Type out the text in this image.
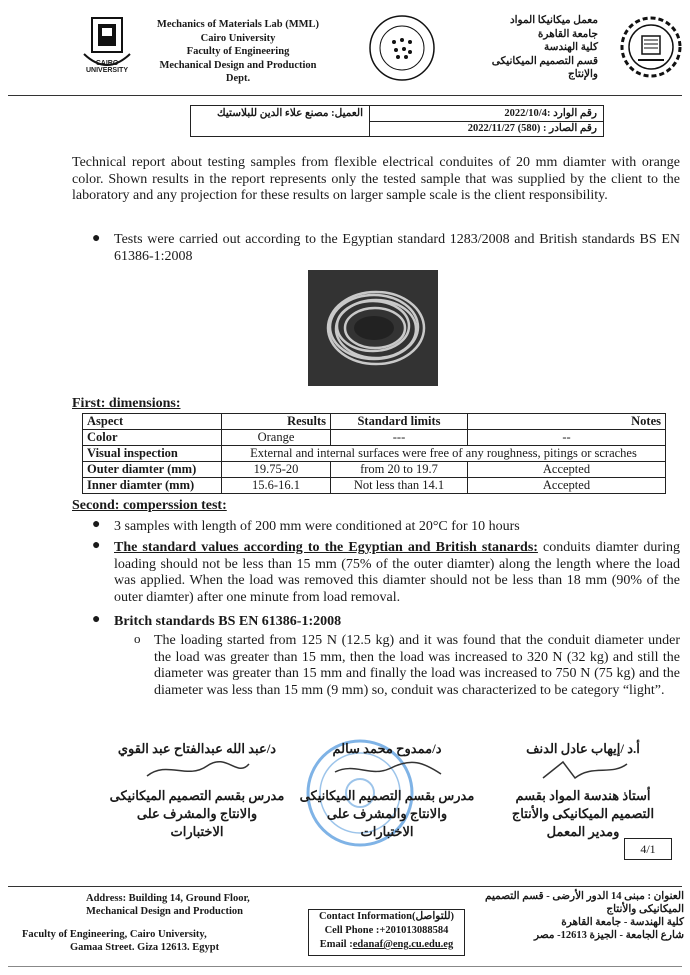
CAIRO UNIVERSITY
Mechanics of Materials Lab (MML)
Cairo University
Faculty of Engineering
Mechanical Design and Production
Dept.
معمل ميكانيكا المواد
جامعة القاهرة
كلية الهندسة
قسم التصميم الميكانيكى
والإنتاج
العميل: مصنع علاء الدين للبلاستيك	رقم الوارد :2022/10/4
رقم الصادر : (580) 2022/11/27
Technical report about testing samples from flexible electrical conduites of 20 mm diamter with orange color. Shown results in the report represents only the tested sample that was supplied by the client to the laboratory and any projection for these results on larger sample scale is the client responsibility.
● Tests were carried out according to the Egyptian standard 1283/2008 and British standards BS EN 61386-1:2008
First: dimensions:
Aspect	Results	Standard limits	Notes
Color	Orange	---	--
Visual inspection	External and internal surfaces were free of any roughness, pitings or scraches		
Outer diamter (mm)	19.75-20	from 20 to 19.7	Accepted
Inner diamter (mm)	15.6-16.1	Not less than 14.1	Accepted
Second: comperssion test:
● 3 samples with length of 200 mm were conditioned at 20°C for 10 hours
● The standard values according to the Egyptian and British stanards: conduits diamter during loading should not be less than 15 mm (75% of the outer diamter) along the length where the load was applied. When the load was removed this diamter should not be less than 18 mm (90% of the outer diamter) after one minute from load removal.
● Britch standards BS EN 61386-1:2008
o The loading started from 125 N (12.5 kg) and it was found that the conduit diameter under the load was greater than 15 mm, then the load was increased to 320 N (32 kg) and still the diameter was greater than 15 mm and finally the load was increased to 750 N (75 kg) and the diameter was less than 15 mm (9 mm) so, conduit was characterized to be category “light”.
د/عبد الله عبدالفتاح عبد القوي
مدرس بقسم التصميم الميكانيكى
والانتاج والمشرف على
الاختبارات
د/ممدوح محمد سالم
مدرس بقسم التصميم الميكانيكى
والانتاج والمشرف على
الاختبارات
أ.د /إيهاب عادل الدنف
أستاذ هندسة المواد بقسم
التصميم الميكانيكى والأنتاج
ومدير المعمل
4/1
Address: Building 14, Ground Floor,
Mechanical Design and Production
Faculty of Engineering, Cairo University,
Gamaa Street. Giza 12613. Egypt
Contact Information(للتواصل)
Cell Phone :+201013088584
Email :edanaf@eng.cu.edu.eg
العنوان : مبنى 14 الدور الأرضى - قسم التصميم
الميكانيكى والأنتاج
كلية الهندسة - جامعة القاهرة
شارع الجامعة - الجيزة 12613- مصر
